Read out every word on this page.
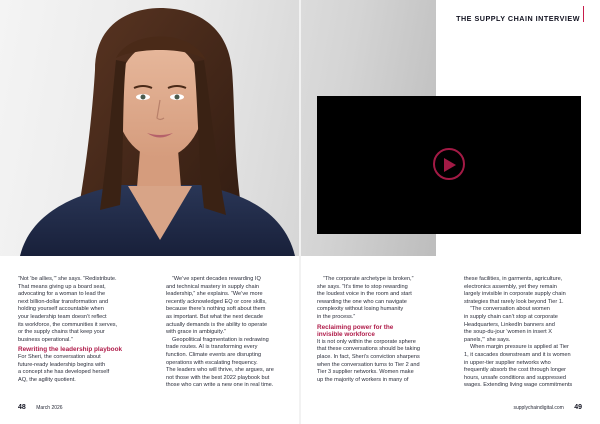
THE SUPPLY CHAIN INTERVIEW

“Not ‘be allies,’” she says. “Redistribute.
That means giving up a board seat,
advocating for a woman to lead the
next billion-dollar transformation and
holding yourself accountable when
your leadership team doesn’t reflect
its workforce, the communities it serves,
or the supply chains that keep your
business operational.”

Rewriting the leadership playbook

For Sheri, the conversation about
future-ready leadership begins with
a concept she has developed herself
AQ, the agility quotient.

“We’ve spent decades rewarding IQ
and technical mastery in supply chain
leadership,” she explains. “We’ve more
recently acknowledged EQ or core skills,
because there’s nothing soft about them
as important. But what the next decade
actually demands is the ability to operate
with grace in ambiguity.”

Geopolitical fragmentation is redrawing
trade routes. AI is transforming every
function. Climate events are disrupting
operations with escalating frequency.
The leaders who will thrive, she argues, are
not those with the best 2022 playbook but
those who can write a new one in real time.

“The corporate archetype is broken,”
she says. “It’s time to stop rewarding
the loudest voice in the room and start
rewarding the one who can navigate
complexity without losing humanity
in the process.”

Reclaiming power for the
invisible workforce

It is not only within the corporate sphere
that these conversations should be taking
place. In fact, Sheri’s conviction sharpens
when the conversation turns to Tier 2 and
Tier 3 supplier networks. Women make
up the majority of workers in many of

these facilities, in garments, agriculture,
electronics assembly, yet they remain
largely invisible in corporate supply chain
strategies that rarely look beyond Tier 1.

“The conversation about women
in supply chain can’t stop at corporate
Headquarters, LinkedIn banners and
the soup-du-jour ‘women in insert X
panels,’” she says.

When margin pressure is applied at Tier
1, it cascades downstream and it is women
in upper-tier supplier networks who
frequently absorb the cost through longer
hours, unsafe conditions and suppressed
wages. Extending living wage commitments

48 March 2026	supplychaindigital.com 49
